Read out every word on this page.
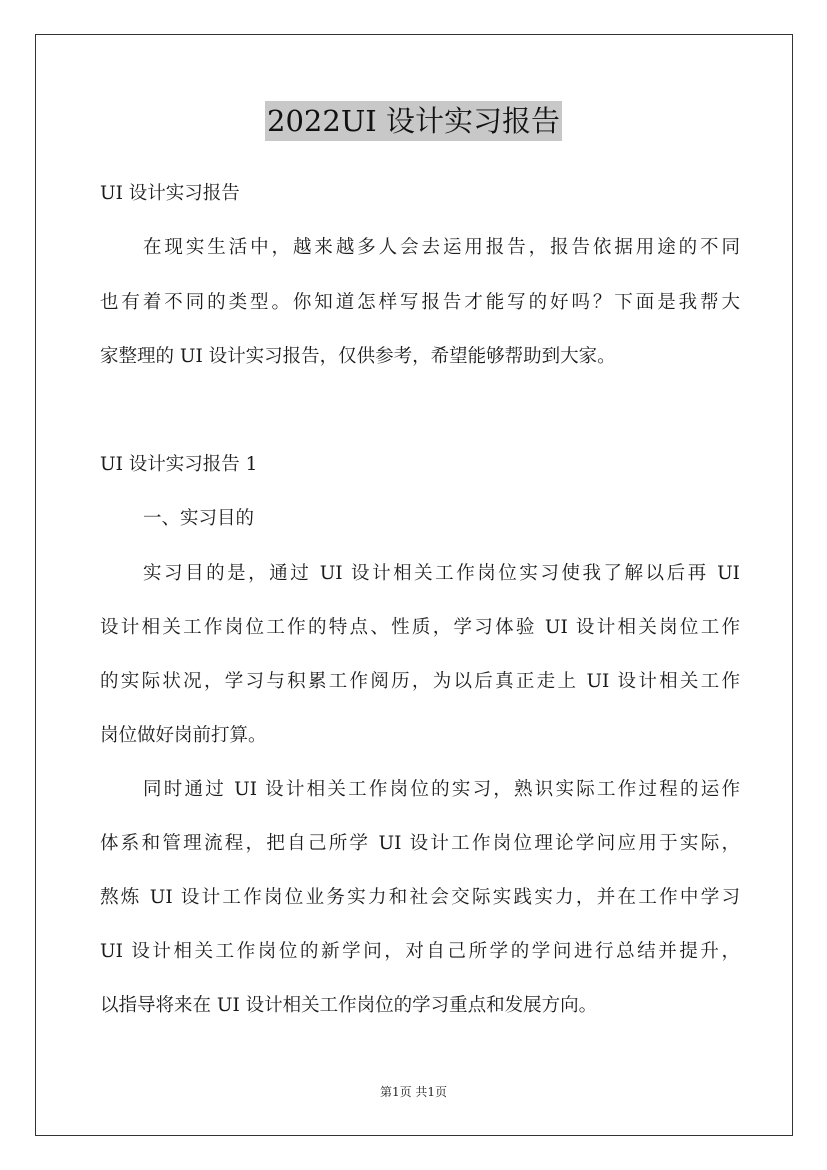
2022UI 设计实习报告
UI 设计实习报告
在现实生活中，越来越多人会去运用报告，报告依据用途的不同
也有着不同的类型。你知道怎样写报告才能写的好吗？下面是我帮大
家整理的 UI 设计实习报告，仅供参考，希望能够帮助到大家。
UI 设计实习报告 1
一、实习目的
实习目的是，通过 UI 设计相关工作岗位实习使我了解以后再 UI
设计相关工作岗位工作的特点、性质，学习体验 UI 设计相关岗位工作
的实际状况，学习与积累工作阅历，为以后真正走上 UI 设计相关工作
岗位做好岗前打算。
同时通过 UI 设计相关工作岗位的实习，熟识实际工作过程的运作
体系和管理流程，把自己所学 UI 设计工作岗位理论学问应用于实际，
熬炼 UI 设计工作岗位业务实力和社会交际实践实力，并在工作中学习
UI 设计相关工作岗位的新学问，对自己所学的学问进行总结并提升，
以指导将来在 UI 设计相关工作岗位的学习重点和发展方向。
第1页 共1页
